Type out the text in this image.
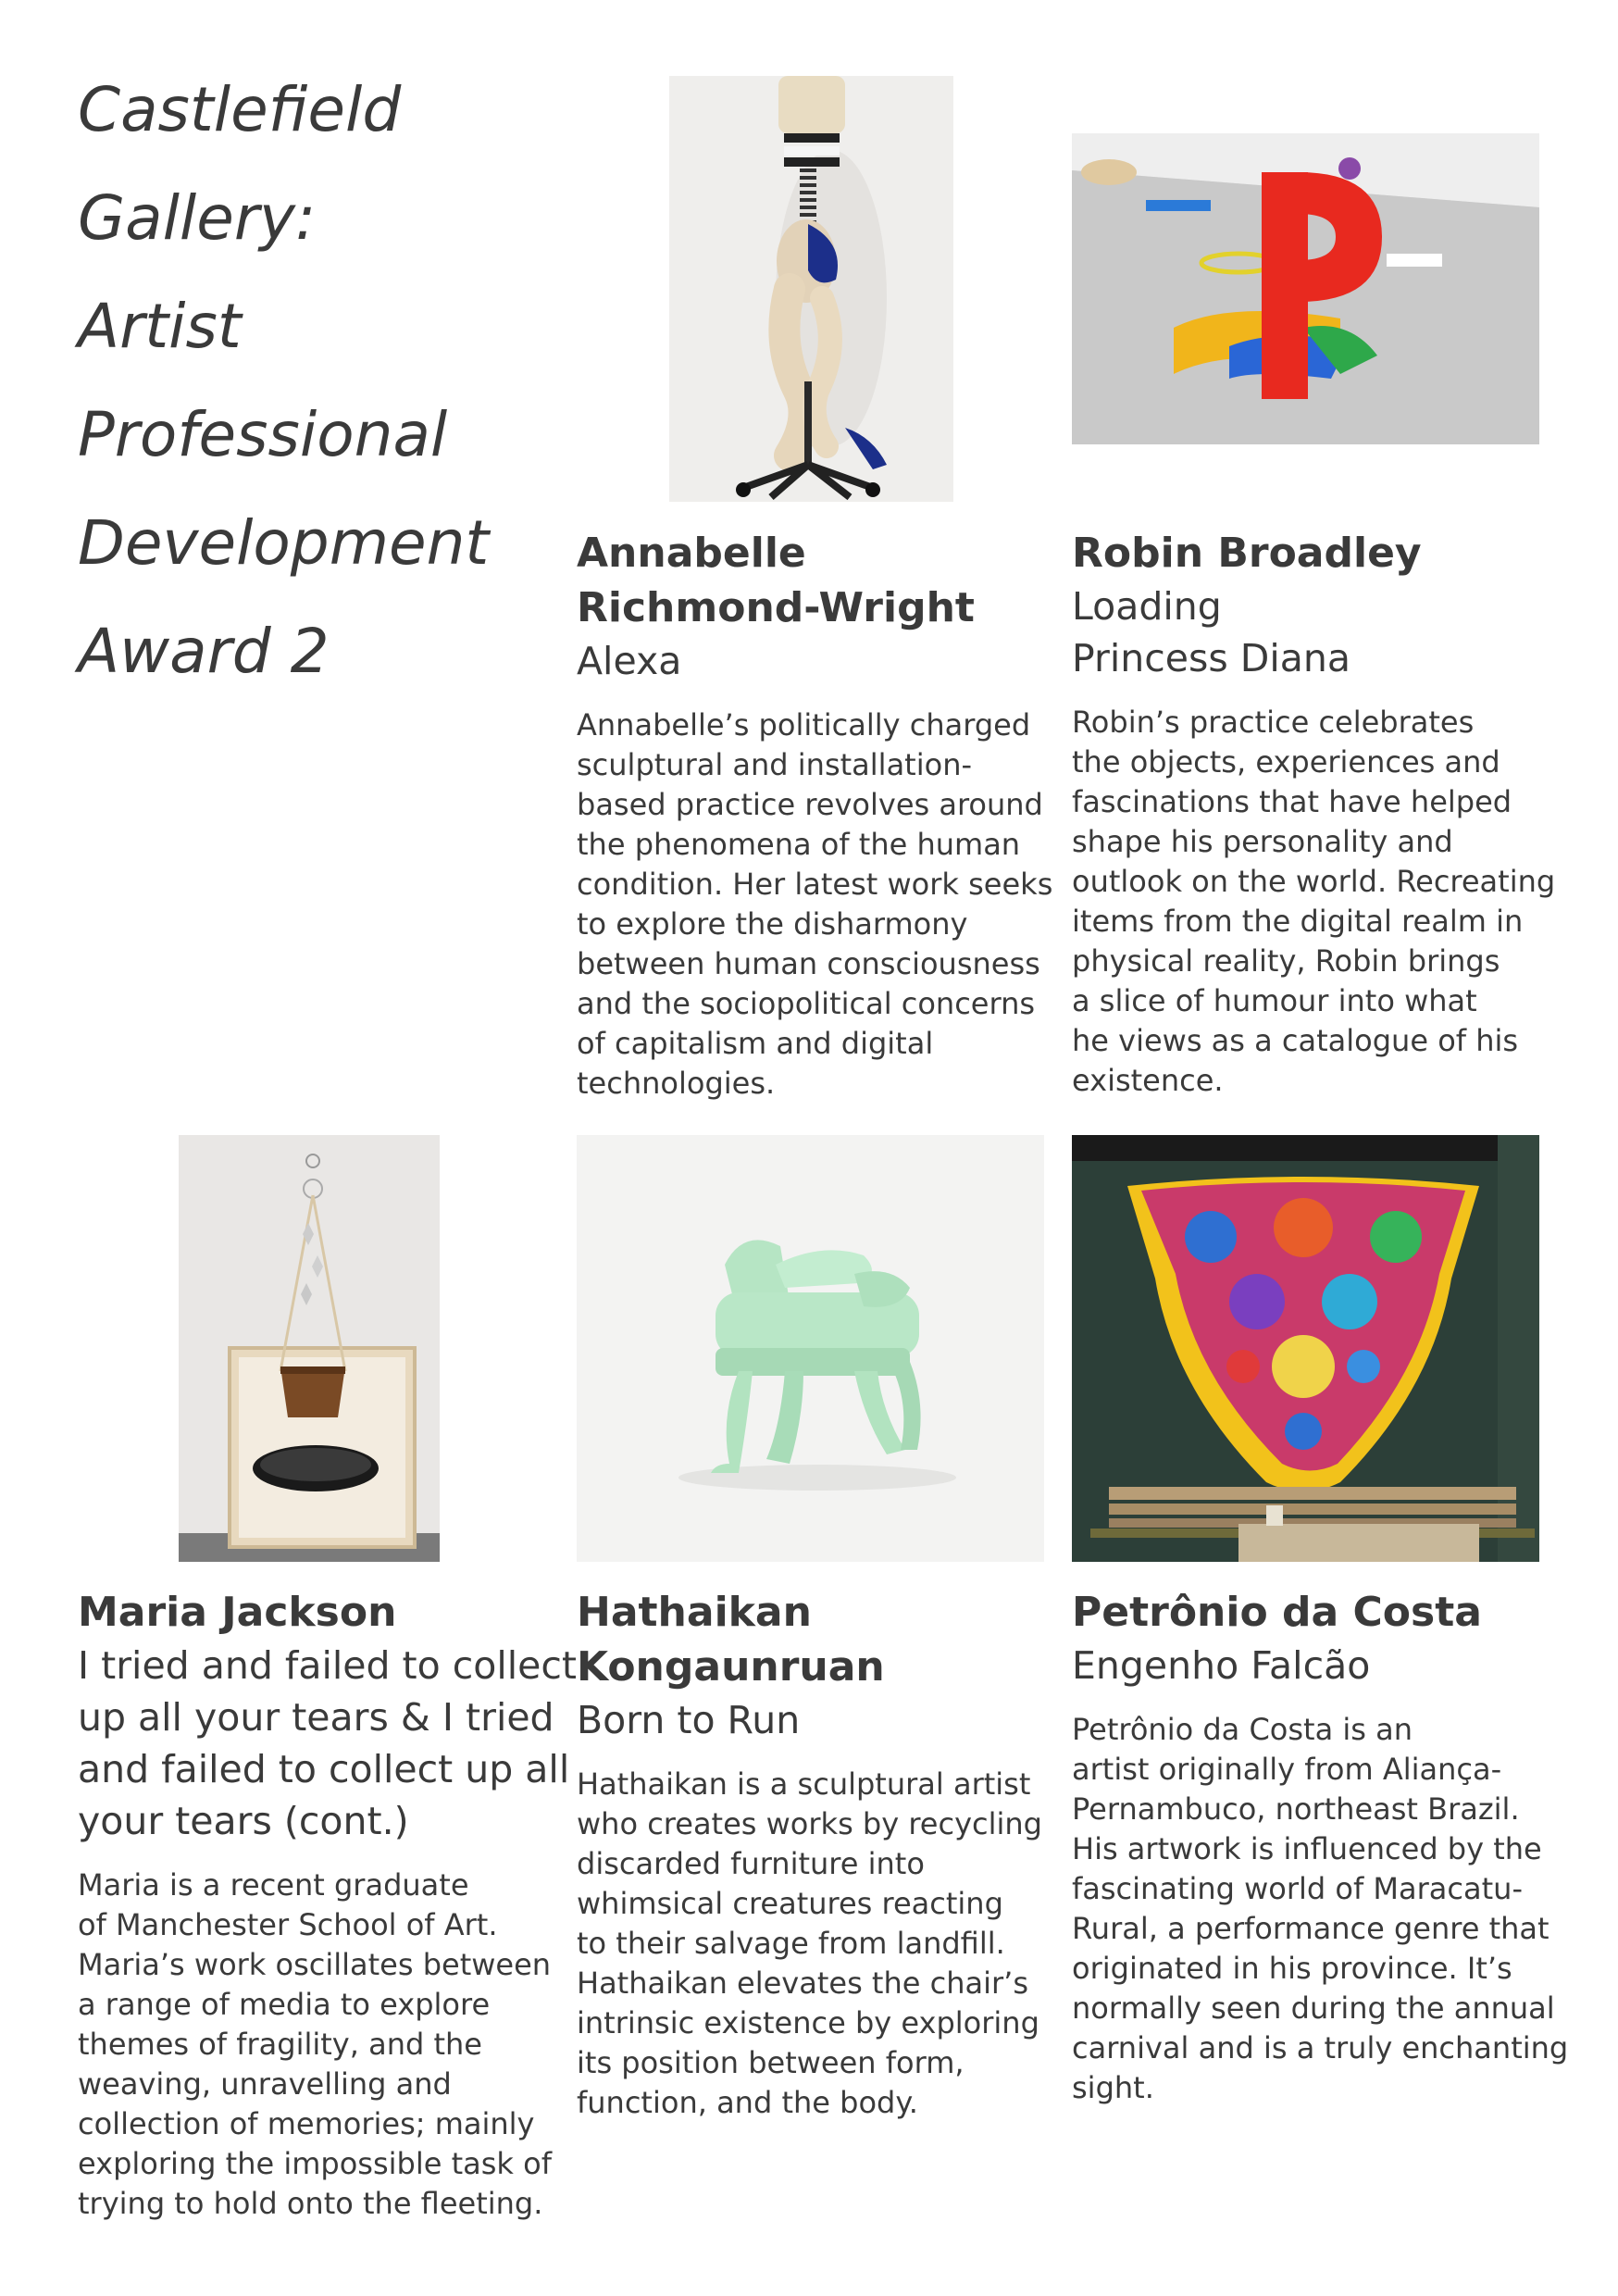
Castlefield
Gallery:
Artist
Professional
Development
Award 2

Annabelle
Richmond-Wright

Alexa

Annabelle’s politically charged
sculptural and installation-
based practice revolves around
the phenomena of the human
condition. Her latest work seeks
to explore the disharmony
between human consciousness
and the sociopolitical concerns
of capitalism and digital
technologies.

Robin Broadley

Loading
Princess Diana

Robin’s practice celebrates
the objects, experiences and
fascinations that have helped
shape his personality and
outlook on the world. Recreating
items from the digital realm in
physical reality, Robin brings
a slice of humour into what
he views as a catalogue of his
existence.

Maria Jackson

I tried and failed to collect
up all your tears & I tried
and failed to collect up all
your tears (cont.)

Maria is a recent graduate
of Manchester School of Art.
Maria’s work oscillates between
a range of media to explore
themes of fragility, and the
weaving, unravelling and
collection of memories; mainly
exploring the impossible task of
trying to hold onto the fleeting.

Hathaikan
Kongaunruan

Born to Run

Hathaikan is a sculptural artist
who creates works by recycling
discarded furniture into
whimsical creatures reacting
to their salvage from landfill.
Hathaikan elevates the chair’s
intrinsic existence by exploring
its position between form,
function, and the body.

Petrônio da Costa

Engenho Falcão

Petrônio da Costa is an
artist originally from Aliança-
Pernambuco, northeast Brazil.
His artwork is influenced by the
fascinating world of Maracatu-
Rural, a performance genre that
originated in his province. It’s
normally seen during the annual
carnival and is a truly enchanting
sight.
